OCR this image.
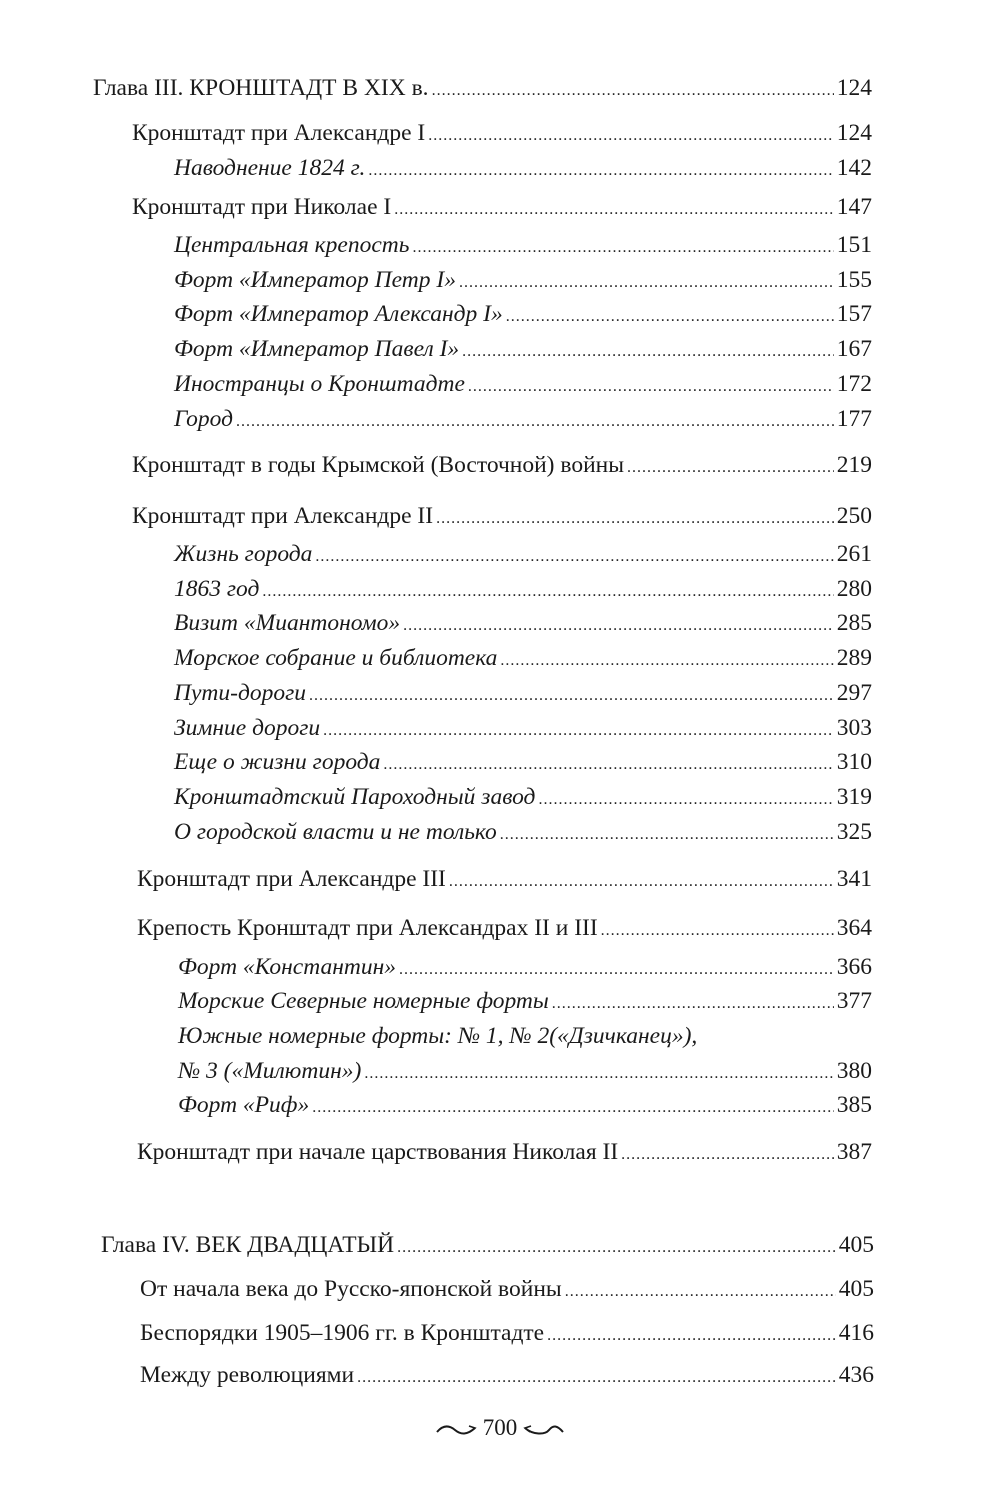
Глава III. КРОНШТАДТ В XIX в. .....	124
Кронштадт при Александре I .....	124
Наводнение 1824 г. .....	142
Кронштадт при Николае I .....	147
Центральная крепость .....	151
Форт «Император Петр I» .....	155
Форт «Император Александр I» .....	157
Форт «Император Павел I» .....	167
Иностранцы о Кронштадте .....	172
Город .....	177
Кронштадт в годы Крымской (Восточной) войны .....	219
Кронштадт при Александре II .....	250
Жизнь города .....	261
1863 год .....	280
Визит «Миантономо» .....	285
Морское собрание и библиотека .....	289
Пути-дороги .....	297
Зимние дороги .....	303
Еще о жизни города .....	310
Кронштадтский Пароходный завод .....	319
О городской власти и не только .....	325
Кронштадт при Александре III .....	341
Крепость Кронштадт при Александрах II и III .....	364
Форт «Константин» .....	366
Морские Северные номерные форты .....	377
Южные номерные форты: № 1, № 2(«Дзичканец»),
№ 3 («Милютин») .....	380
Форт «Риф» .....	385
Кронштадт при начале царствования Николая II .....	387
Глава IV. ВЕК ДВАДЦАТЫЙ .....	405
От начала века до Русско-японской войны .....	405
Беспорядки 1905–1906 гг. в Кронштадте .....	416
Между революциями .....	436
700
